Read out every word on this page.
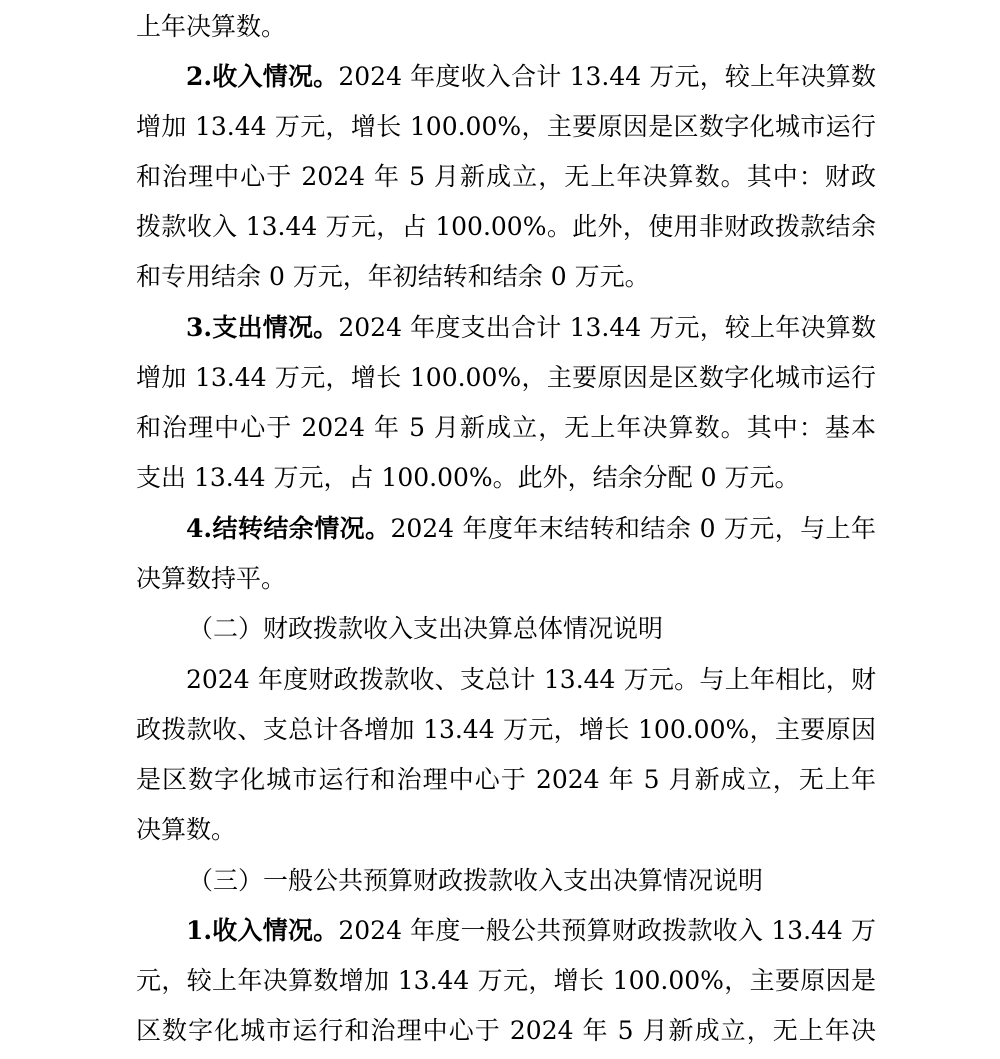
上年决算数。
2.收入情况。2024 年度收入合计 13.44 万元，较上年决算数
增加 13.44 万元，增长 100.00%，主要原因是区数字化城市运行
和治理中心于 2024 年 5 月新成立，无上年决算数。其中：财政
拨款收入 13.44 万元，占 100.00%。此外，使用非财政拨款结余
和专用结余 0 万元，年初结转和结余 0 万元。
3.支出情况。2024 年度支出合计 13.44 万元，较上年决算数
增加 13.44 万元，增长 100.00%，主要原因是区数字化城市运行
和治理中心于 2024 年 5 月新成立，无上年决算数。其中：基本
支出 13.44 万元，占 100.00%。此外，结余分配 0 万元。
4.结转结余情况。2024 年度年末结转和结余 0 万元，与上年
决算数持平。
（二）财政拨款收入支出决算总体情况说明
2024 年度财政拨款收、支总计 13.44 万元。与上年相比，财
政拨款收、支总计各增加 13.44 万元，增长 100.00%，主要原因
是区数字化城市运行和治理中心于 2024 年 5 月新成立，无上年
决算数。
（三）一般公共预算财政拨款收入支出决算情况说明
1.收入情况。2024 年度一般公共预算财政拨款收入 13.44 万
元，较上年决算数增加 13.44 万元，增长 100.00%，主要原因是
区数字化城市运行和治理中心于 2024 年 5 月新成立，无上年决
